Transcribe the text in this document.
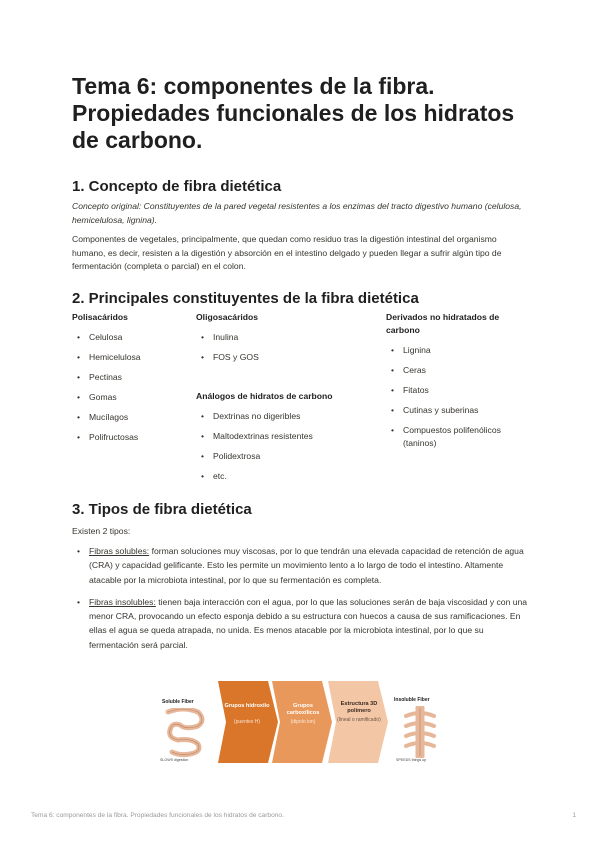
Tema 6: componentes de la fibra. Propiedades funcionales de los hidratos de carbono.
1. Concepto de fibra dietética

Concepto original: Constituyentes de la pared vegetal resistentes a los enzimas del tracto digestivo humano (celulosa, hemicelulosa, lignina).

Componentes de vegetales, principalmente, que quedan como residuo tras la digestión intestinal del organismo humano, es decir, resisten a la digestión y absorción en el intestino delgado y pueden llegar a sufrir algún tipo de fermentación (completa o parcial) en el colon.

2. Principales constituyentes de la fibra dietética
Polisacáridos
• Celulosa
• Hemicelulosa
• Pectinas
• Gomas
• Mucílagos
• Polifructosas
Oligosacáridos
• Inulina
• FOS y GOS
Análogos de hidratos de carbono
• Dextrinas no digeribles
• Maltodextrinas resistentes
• Polidextrosa
• etc.
Derivados no hidratados de carbono
• Lignina
• Ceras
• Fitatos
• Cutinas y suberinas
• Compuestos polifenólicos (taninos)
3. Tipos de fibra dietética

Existen 2 tipos:

• Fibras solubles: forman soluciones muy viscosas, por lo que tendrán una elevada capacidad de retención de agua (CRA) y capacidad gelificante. Esto les permite un movimiento lento a lo largo de todo el intestino. Altamente atacable por la microbiota intestinal, por lo que su fermentación es completa.
• Fibras insolubles: tienen baja interacción con el agua, por lo que las soluciones serán de baja viscosidad y con una menor CRA, provocando un efecto esponja debido a su estructura con huecos a causa de sus ramificaciones. En ellas el agua se queda atrapada, no unida. Es menos atacable por la microbiota intestinal, por lo que su fermentación será parcial.
Soluble Fiber
SLOWS digestion
Grupos hidroxilo
(puentes H)
Grupos carboxílicos
(dipolo ion)
Estructura 3D polímero
(lineal o ramificado)
Insoluble Fiber
SPEEDS things up
Tema 6: componentes de la fibra. Propiedades funcionales de los hidratos de carbono.	1
